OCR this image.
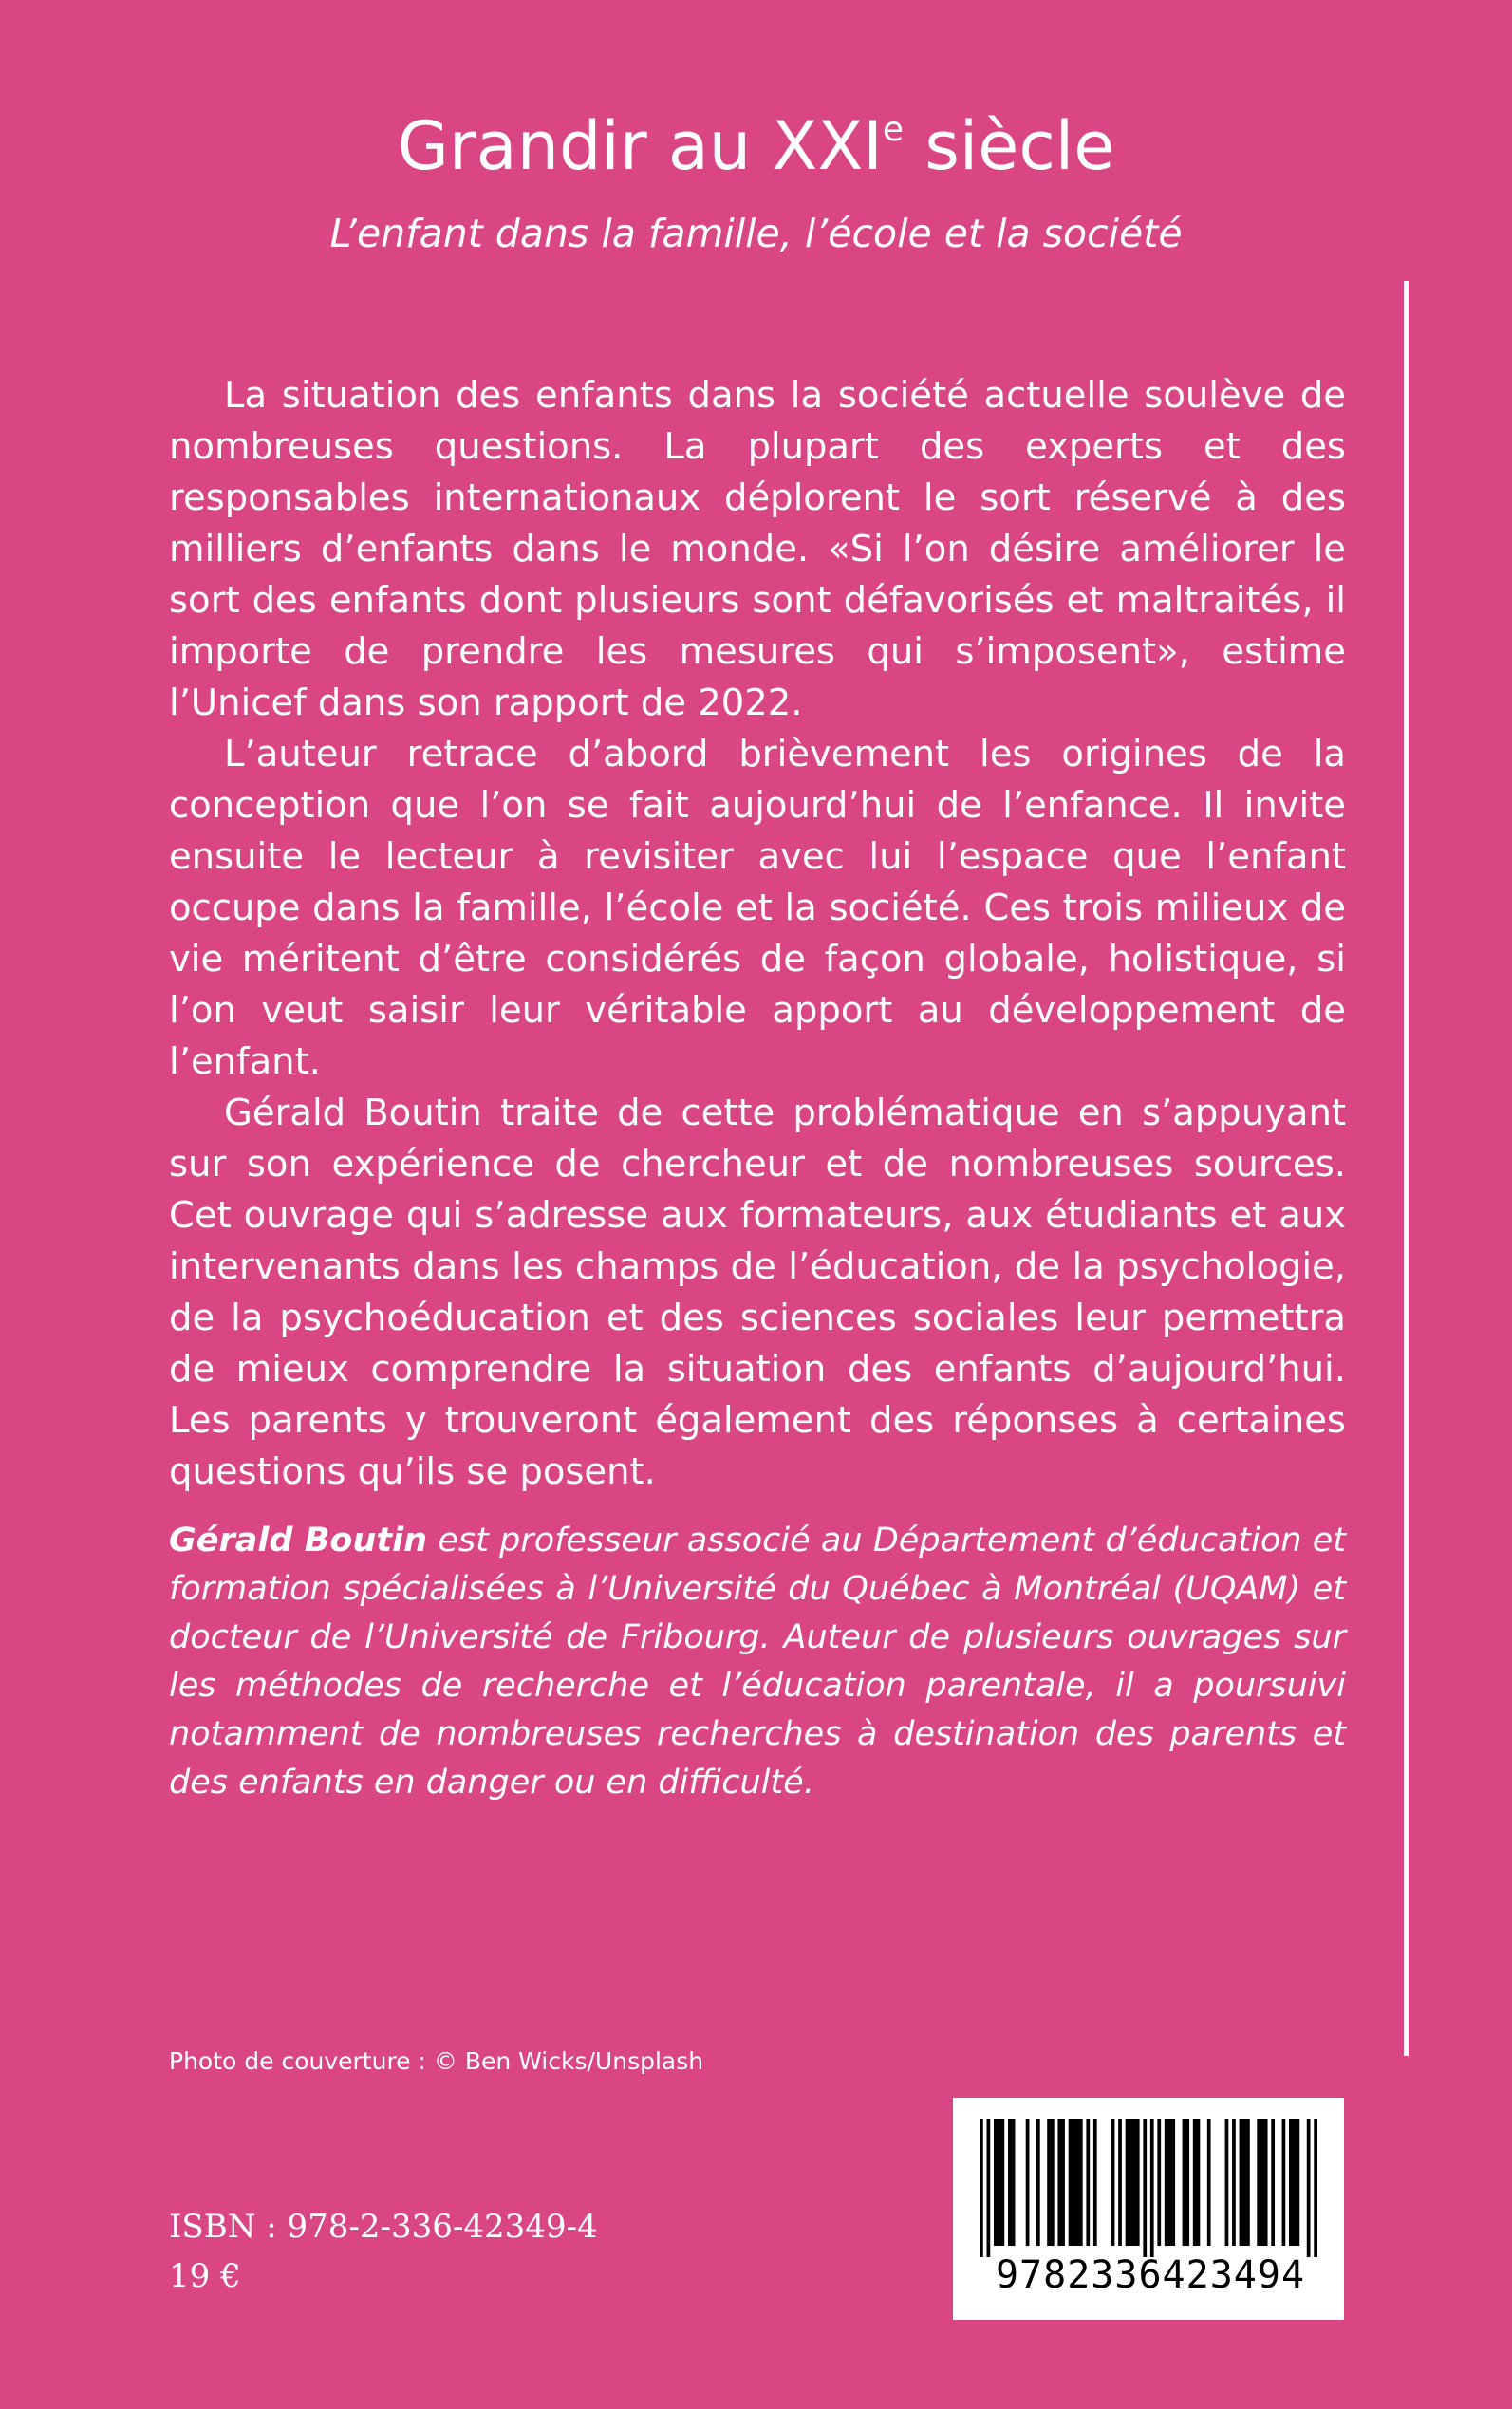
Grandir au XXIe siècle

L’enfant dans la famille, l’école et la société

La situation des enfants dans la société actuelle soulève de nombreuses questions. La plupart des experts et des responsables internationaux déplorent le sort réservé à des milliers d’enfants dans le monde. «Si l’on désire améliorer le sort des enfants dont plusieurs sont défavorisés et maltraités, il importe de prendre les mesures qui s’imposent», estime l’Unicef dans son rapport de 2022.

L’auteur retrace d’abord brièvement les origines de la conception que l’on se fait aujourd’hui de l’enfance. Il invite ensuite le lecteur à revisiter avec lui l’espace que l’enfant occupe dans la famille, l’école et la société. Ces trois milieux de vie méritent d’être considérés de façon globale, holistique, si l’on veut saisir leur véritable apport au développement de l’enfant.

Gérald Boutin traite de cette problématique en s’appuyant sur son expérience de chercheur et de nombreuses sources. Cet ouvrage qui s’adresse aux formateurs, aux étudiants et aux intervenants dans les champs de l’éducation, de la psychologie, de la psychoéducation et des sciences sociales leur permettra de mieux comprendre la situation des enfants d’aujourd’hui. Les parents y trouveront également des réponses à certaines questions qu’ils se posent.

Gérald Boutin est professeur associé au Département d’éducation et formation spécialisées à l’Université du Québec à Montréal (UQAM) et docteur de l’Université de Fribourg. Auteur de plusieurs ouvrages sur les méthodes de recherche et l’éducation parentale, il a poursuivi notamment de nombreuses recherches à destination des parents et des enfants en danger ou en difficulté.

Photo de couverture : © Ben Wicks/Unsplash

ISBN : 978-2-336-42349-4

19 €	9782336423494
